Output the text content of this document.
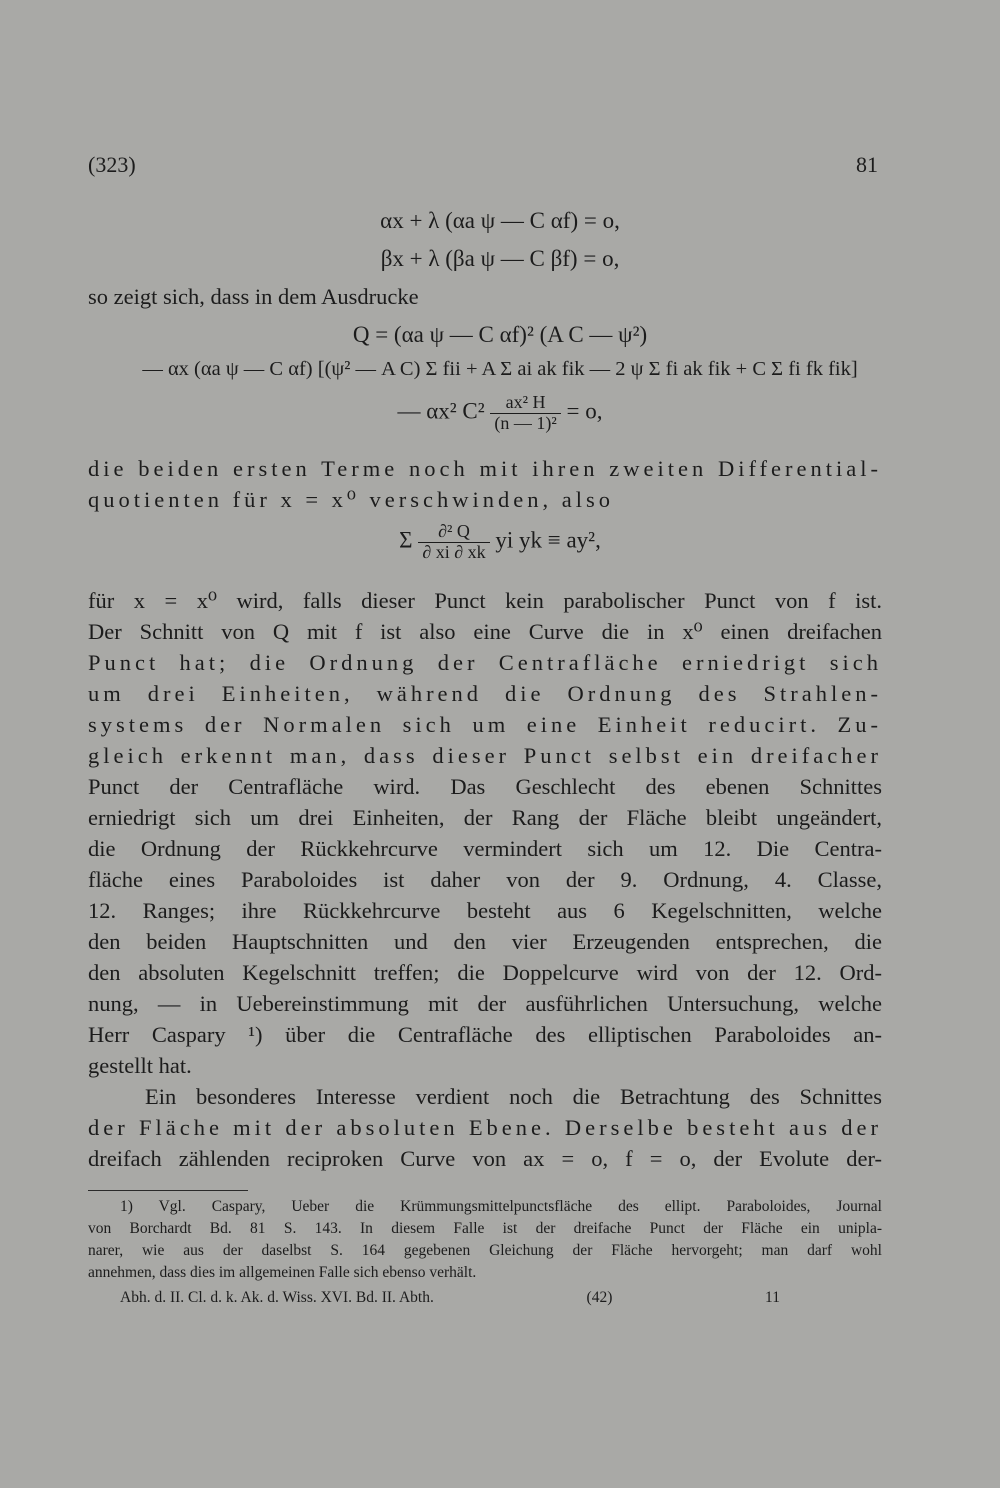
(323)	81
αx + λ (αa ψ — C αf) = o,
βx + λ (βa ψ — C βf) = o,
so zeigt sich, dass in dem Ausdrucke
Q = (αa ψ — C αf)² (A C — ψ²)
— αx (αa ψ — C αf) [(ψ² — A C) Σ fii + A Σ ai ak fik — 2 ψ Σ fi ak fik + C Σ fi fk fik]
— αx² $C^2 \frac{\text{ax² H}}{\text{(n — 1)²}} = o$,
die beiden ersten Terme noch mit ihren zweiten Differential-
quotienten für x = x⁰ verschwinden, also
Σ $\frac{\text{∂² Q}}{\partial xi \partial xk}$ yi yk ≡ ay²,
für x = x⁰ wird, falls dieser Punct kein parabolischer Punct von f ist.
Der Schnitt von Q mit f ist also eine Curve die in x⁰ einen dreifachen
Punct hat; die Ordnung der Centrafläche erniedrigt sich
um drei Einheiten, während die Ordnung des Strahlen-
systems der Normalen sich um eine Einheit reducirt. Zu-
gleich erkennt man, dass dieser Punct selbst ein dreifacher
Punct der Centrafläche wird. Das Geschlecht des ebenen Schnittes
erniedrigt sich um drei Einheiten, der Rang der Fläche bleibt ungeändert,
die Ordnung der Rückkehrcurve vermindert sich um 12. Die Centra-
fläche eines Paraboloides ist daher von der 9. Ordnung, 4. Classe,
12. Ranges; ihre Rückkehrcurve besteht aus 6 Kegelschnitten, welche
den beiden Hauptschnitten und den vier Erzeugenden entsprechen, die
den absoluten Kegelschnitt treffen; die Doppelcurve wird von der 12. Ord-
nung, — in Uebereinstimmung mit der ausführlichen Untersuchung, welche
Herr Caspary ¹) über die Centrafläche des elliptischen Paraboloides an-
gestellt hat.
Ein besonderes Interesse verdient noch die Betrachtung des Schnittes
der Fläche mit der absoluten Ebene. Derselbe besteht aus der
dreifach zählenden reciproken Curve von ax = o, f = o, der Evolute der-
1) Vgl. Caspary, Ueber die Krümmungsmittelpunctsfläche des ellipt. Paraboloides, Journal
von Borchardt Bd. 81 S. 143. In diesem Falle ist der dreifache Punct der Fläche ein unipla-
narer, wie aus der daselbst S. 164 gegebenen Gleichung der Fläche hervorgeht; man darf wohl
annehmen, dass dies im allgemeinen Falle sich ebenso verhält.
Abh. d. II. Cl. d. k. Ak. d. Wiss. XVI. Bd. II. Abth.	(42)	11
